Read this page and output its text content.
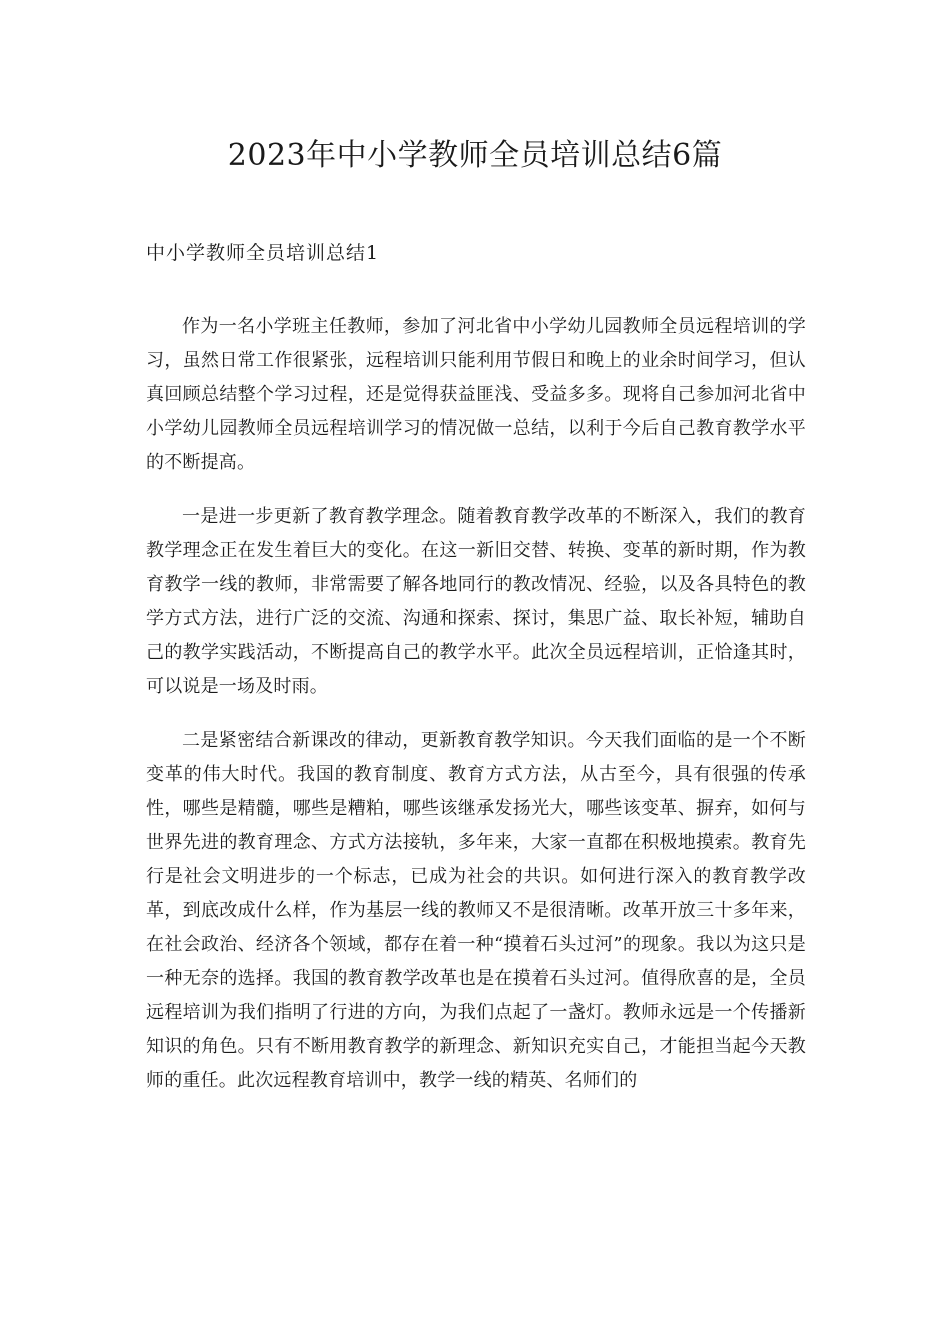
2023年中小学教师全员培训总结6篇
中小学教师全员培训总结1

作为一名小学班主任教师，参加了河北省中小学幼儿园教师全员远程培训的学习，虽然日常工作很紧张，远程培训只能利用节假日和晚上的业余时间学习，但认真回顾总结整个学习过程，还是觉得获益匪浅、受益多多。现将自己参加河北省中小学幼儿园教师全员远程培训学习的情况做一总结，以利于今后自己教育教学水平的不断提高。

一是进一步更新了教育教学理念。随着教育教学改革的不断深入，我们的教育教学理念正在发生着巨大的变化。在这一新旧交替、转换、变革的新时期，作为教育教学一线的教师，非常需要了解各地同行的教改情况、经验，以及各具特色的教学方式方法，进行广泛的交流、沟通和探索、探讨，集思广益、取长补短，辅助自己的教学实践活动，不断提高自己的教学水平。此次全员远程培训，正恰逢其时，可以说是一场及时雨。

二是紧密结合新课改的律动，更新教育教学知识。今天我们面临的是一个不断变革的伟大时代。我国的教育制度、教育方式方法，从古至今，具有很强的传承性，哪些是精髓，哪些是糟粕，哪些该继承发扬光大，哪些该变革、摒弃，如何与世界先进的教育理念、方式方法接轨，多年来，大家一直都在积极地摸索。教育先行是社会文明进步的一个标志，已成为社会的共识。如何进行深入的教育教学改革，到底改成什么样，作为基层一线的教师又不是很清晰。改革开放三十多年来，在社会政治、经济各个领域，都存在着一种“摸着石头过河”的现象。我以为这只是一种无奈的选择。我国的教育教学改革也是在摸着石头过河。值得欣喜的是，全员远程培训为我们指明了行进的方向，为我们点起了一盏灯。教师永远是一个传播新知识的角色。只有不断用教育教学的新理念、新知识充实自己，才能担当起今天教师的重任。此次远程教育培训中，教学一线的精英、名师们的
